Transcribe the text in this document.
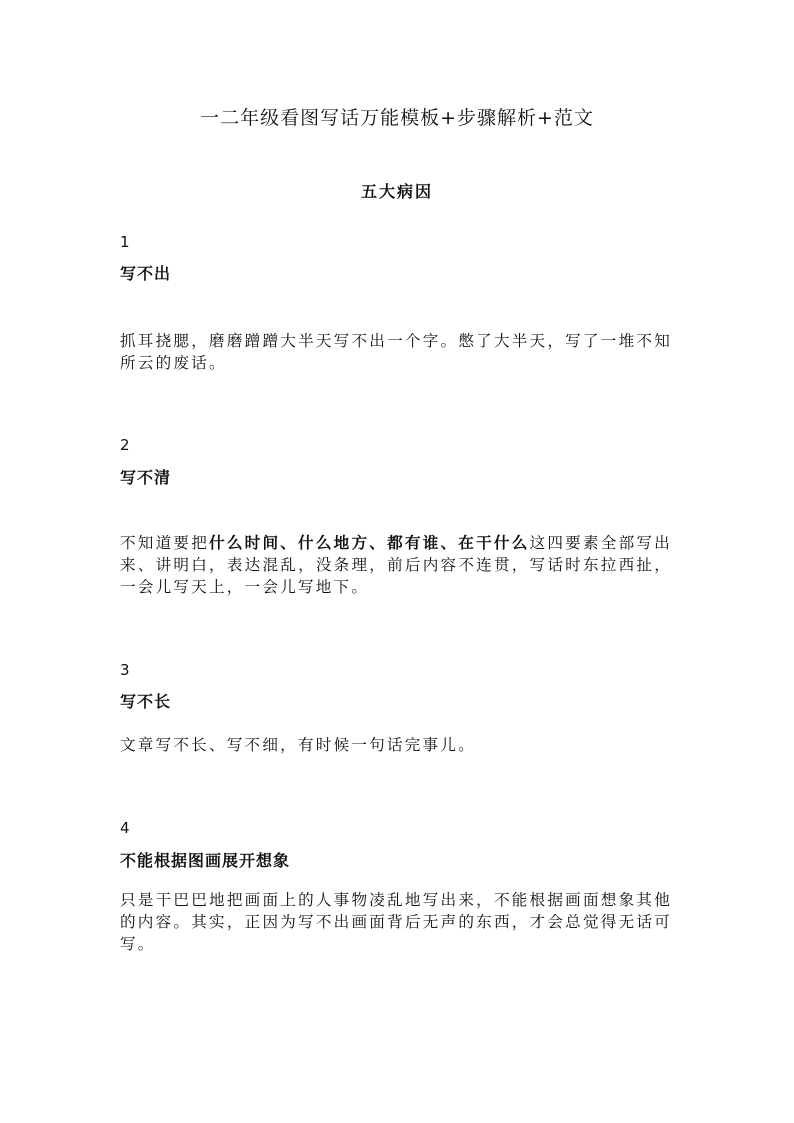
一二年级看图写话万能模板+步骤解析+范文
五大病因

1

写不出

抓耳挠腮，磨磨蹭蹭大半天写不出一个字。憋了大半天，写了一堆不知所云的废话。

2

写不清

不知道要把什么时间、什么地方、都有谁、在干什么这四要素全部写出来、讲明白，表达混乱，没条理，前后内容不连贯，写话时东拉西扯，一会儿写天上，一会儿写地下。

3

写不长

文章写不长、写不细，有时候一句话完事儿。

4

不能根据图画展开想象

只是干巴巴地把画面上的人事物凌乱地写出来，不能根据画面想象其他的内容。其实，正因为写不出画面背后无声的东西，才会总觉得无话可写。
